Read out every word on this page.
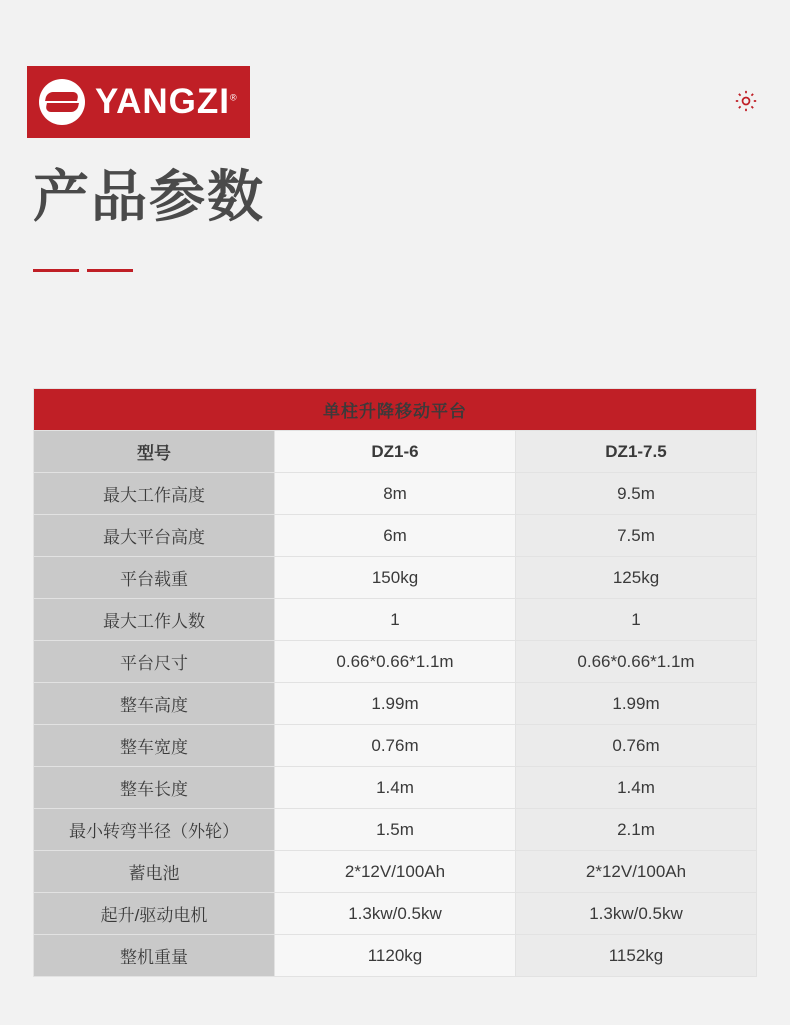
YANGZI®
产品参数
单柱升降移动平台		
型号	DZ1-6	DZ1-7.5
最大工作高度	8m	9.5m
最大平台高度	6m	7.5m
平台载重	150kg	125kg
最大工作人数	1	1
平台尺寸	0.66*0.66*1.1m	0.66*0.66*1.1m
整车高度	1.99m	1.99m
整车宽度	0.76m	0.76m
整车长度	1.4m	1.4m
最小转弯半径（外轮）	1.5m	2.1m
蓄电池	2*12V/100Ah	2*12V/100Ah
起升/驱动电机	1.3kw/0.5kw	1.3kw/0.5kw
整机重量	1120kg	1152kg
